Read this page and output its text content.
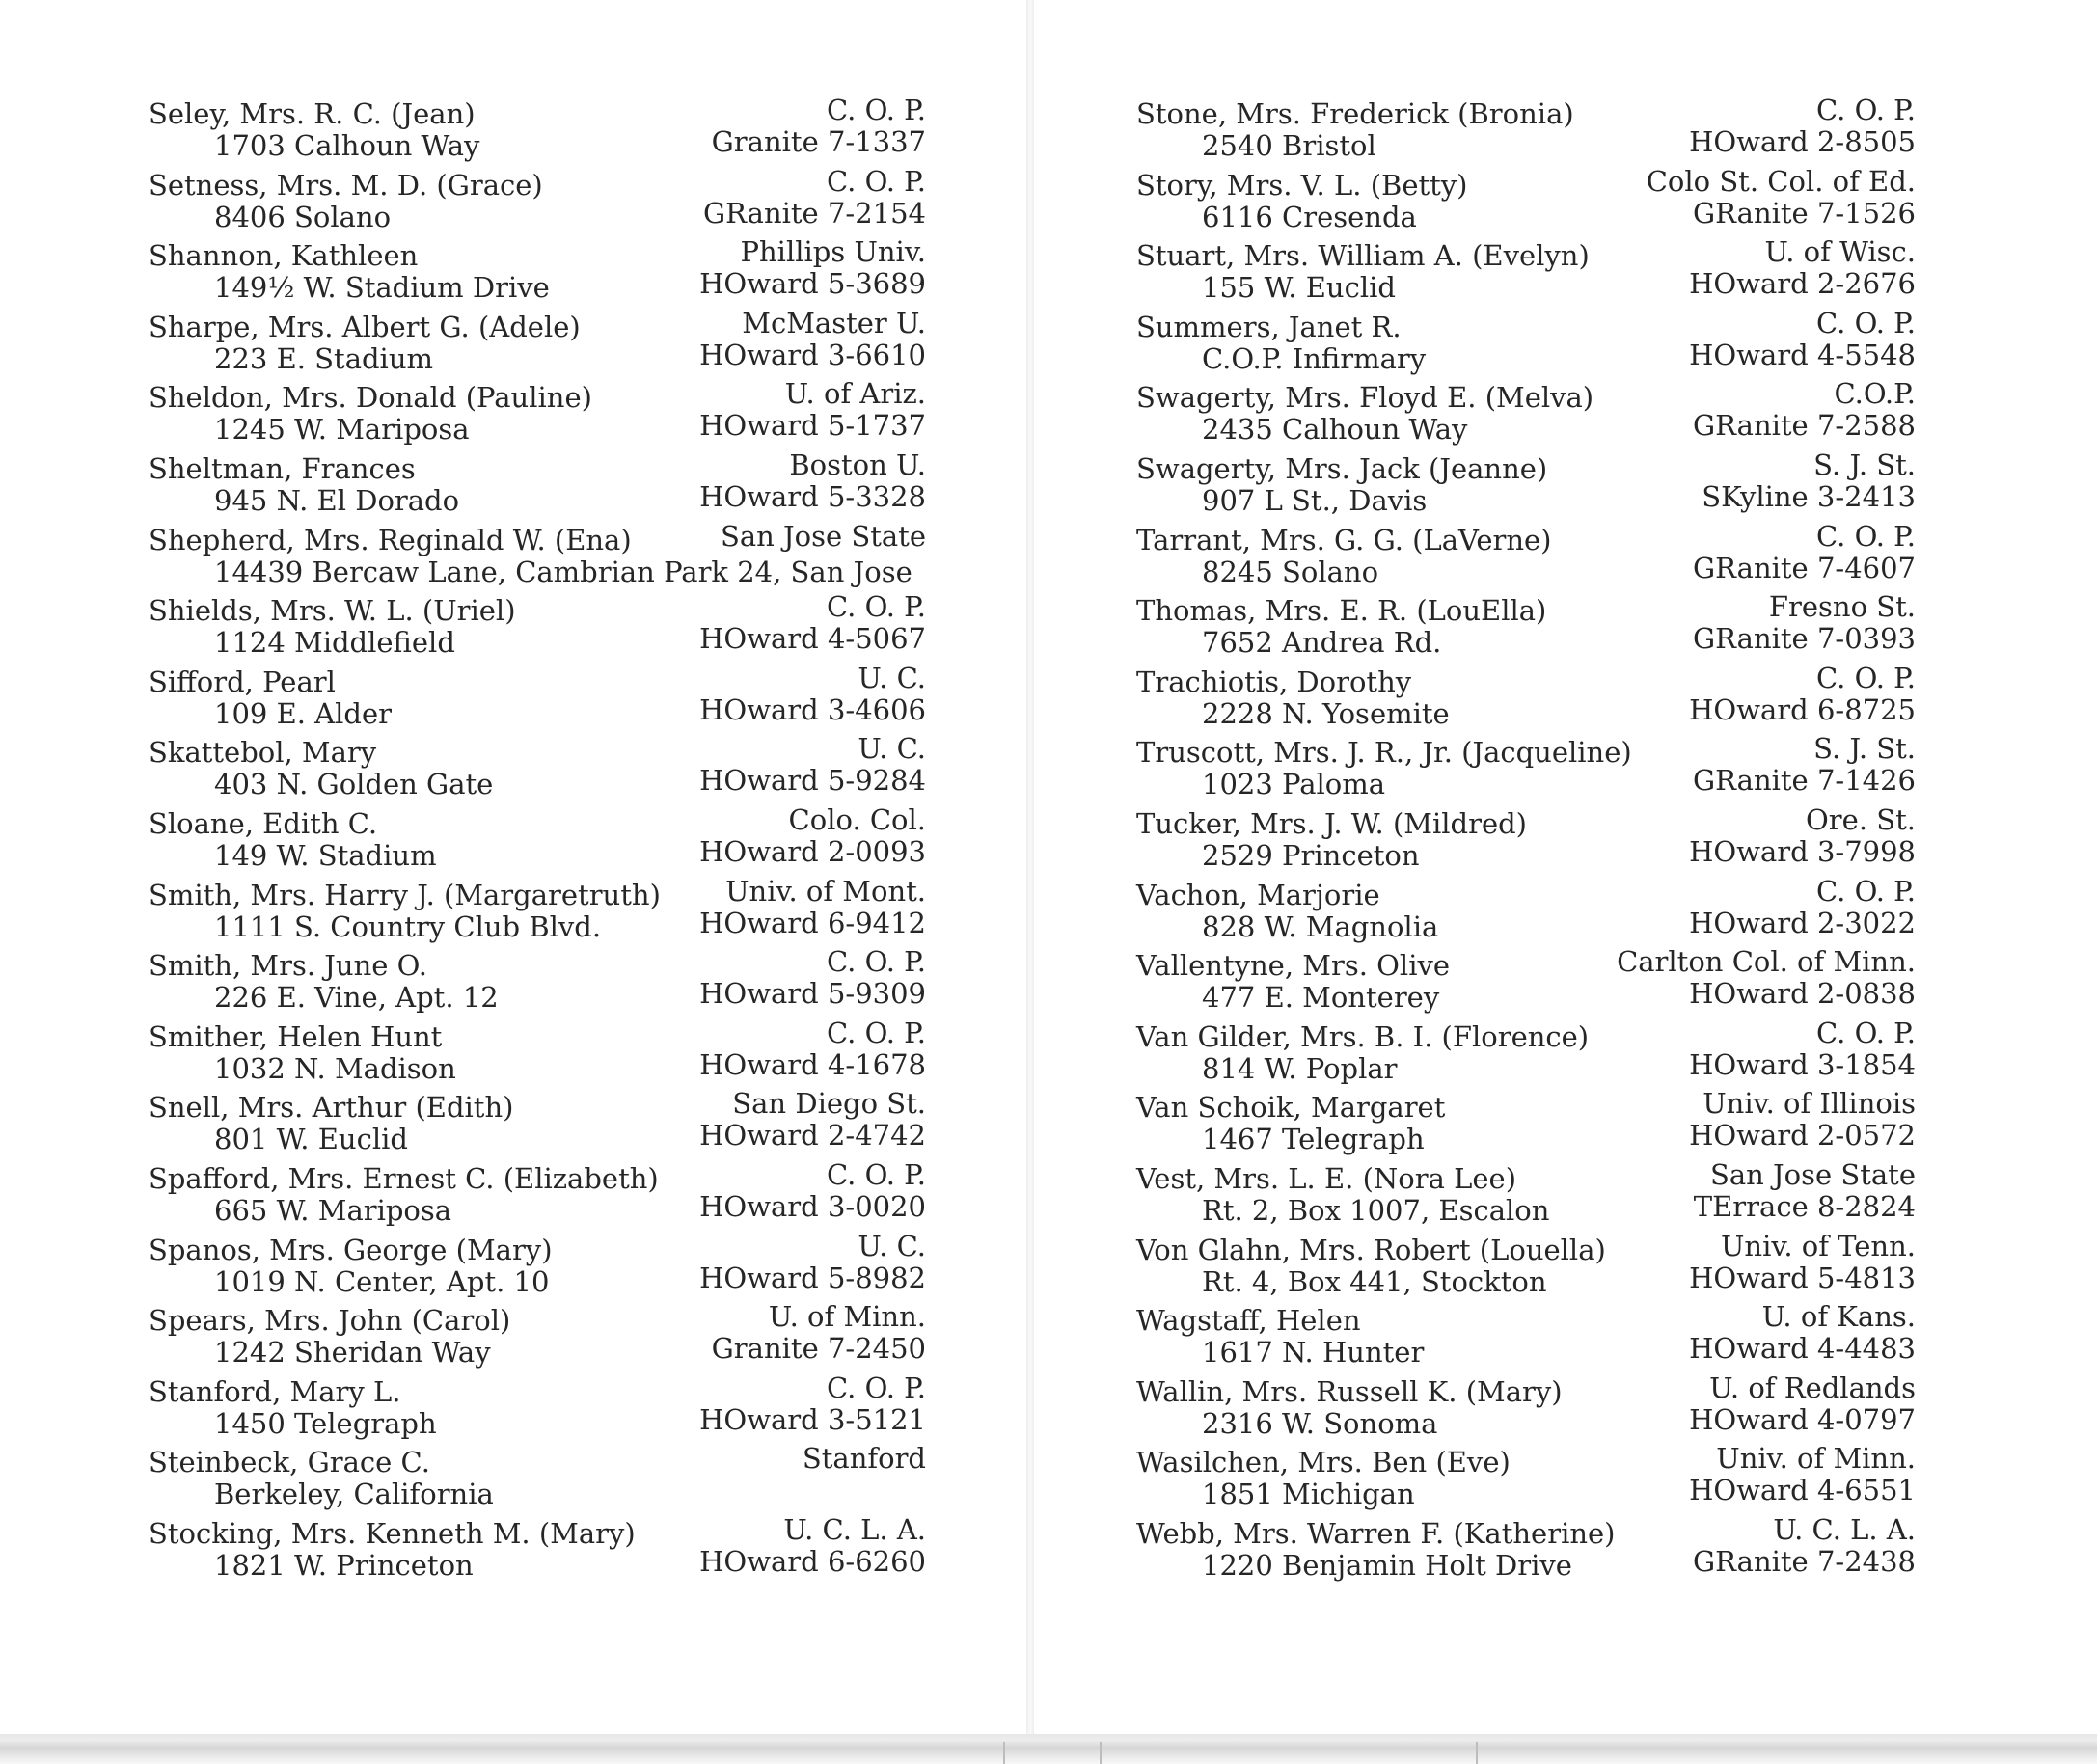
Seley, Mrs. R. C. (Jean)
1703 Calhoun Way
C. O. P.
Granite 7-1337
Setness, Mrs. M. D. (Grace)
8406 Solano
C. O. P.
GRanite 7-2154
Shannon, Kathleen
149½ W. Stadium Drive
Phillips Univ.
HOward 5-3689
Sharpe, Mrs. Albert G. (Adele)
223 E. Stadium
McMaster U.
HOward 3-6610
Sheldon, Mrs. Donald (Pauline)
1245 W. Mariposa
U. of Ariz.
HOward 5-1737
Sheltman, Frances
945 N. El Dorado
Boston U.
HOward 5-3328
Shepherd, Mrs. Reginald W. (Ena)
14439 Bercaw Lane, Cambrian Park 24, San Jose
San Jose State
Shields, Mrs. W. L. (Uriel)
1124 Middlefield
C. O. P.
HOward 4-5067
Sifford, Pearl
109 E. Alder
U. C.
HOward 3-4606
Skattebol, Mary
403 N. Golden Gate
U. C.
HOward 5-9284
Sloane, Edith C.
149 W. Stadium
Colo. Col.
HOward 2-0093
Smith, Mrs. Harry J. (Margaretruth)
1111 S. Country Club Blvd.
Univ. of Mont.
HOward 6-9412
Smith, Mrs. June O.
226 E. Vine, Apt. 12
C. O. P.
HOward 5-9309
Smither, Helen Hunt
1032 N. Madison
C. O. P.
HOward 4-1678
Snell, Mrs. Arthur (Edith)
801 W. Euclid
San Diego St.
HOward 2-4742
Spafford, Mrs. Ernest C. (Elizabeth)
665 W. Mariposa
C. O. P.
HOward 3-0020
Spanos, Mrs. George (Mary)
1019 N. Center, Apt. 10
U. C.
HOward 5-8982
Spears, Mrs. John (Carol)
1242 Sheridan Way
U. of Minn.
Granite 7-2450
Stanford, Mary L.
1450 Telegraph
C. O. P.
HOward 3-5121
Steinbeck, Grace C.
Berkeley, California
Stanford
Stocking, Mrs. Kenneth M. (Mary)
1821 W. Princeton
U. C. L. A.
HOward 6-6260
Stone, Mrs. Frederick (Bronia)
2540 Bristol
C. O. P.
HOward 2-8505
Story, Mrs. V. L. (Betty)
6116 Cresenda
Colo St. Col. of Ed.
GRanite 7-1526
Stuart, Mrs. William A. (Evelyn)
155 W. Euclid
U. of Wisc.
HOward 2-2676
Summers, Janet R.
C.O.P. Infirmary
C. O. P.
HOward 4-5548
Swagerty, Mrs. Floyd E. (Melva)
2435 Calhoun Way
C.O.P.
GRanite 7-2588
Swagerty, Mrs. Jack (Jeanne)
907 L St., Davis
S. J. St.
SKyline 3-2413
Tarrant, Mrs. G. G. (LaVerne)
8245 Solano
C. O. P.
GRanite 7-4607
Thomas, Mrs. E. R. (LouElla)
7652 Andrea Rd.
Fresno St.
GRanite 7-0393
Trachiotis, Dorothy
2228 N. Yosemite
C. O. P.
HOward 6-8725
Truscott, Mrs. J. R., Jr. (Jacqueline)
1023 Paloma
S. J. St.
GRanite 7-1426
Tucker, Mrs. J. W. (Mildred)
2529 Princeton
Ore. St.
HOward 3-7998
Vachon, Marjorie
828 W. Magnolia
C. O. P.
HOward 2-3022
Vallentyne, Mrs. Olive
477 E. Monterey
Carlton Col. of Minn.
HOward 2-0838
Van Gilder, Mrs. B. I. (Florence)
814 W. Poplar
C. O. P.
HOward 3-1854
Van Schoik, Margaret
1467 Telegraph
Univ. of Illinois
HOward 2-0572
Vest, Mrs. L. E. (Nora Lee)
Rt. 2, Box 1007, Escalon
San Jose State
TErrace 8-2824
Von Glahn, Mrs. Robert (Louella)
Rt. 4, Box 441, Stockton
Univ. of Tenn.
HOward 5-4813
Wagstaff, Helen
1617 N. Hunter
U. of Kans.
HOward 4-4483
Wallin, Mrs. Russell K. (Mary)
2316 W. Sonoma
U. of Redlands
HOward 4-0797
Wasilchen, Mrs. Ben (Eve)
1851 Michigan
Univ. of Minn.
HOward 4-6551
Webb, Mrs. Warren F. (Katherine)
1220 Benjamin Holt Drive
U. C. L. A.
GRanite 7-2438
